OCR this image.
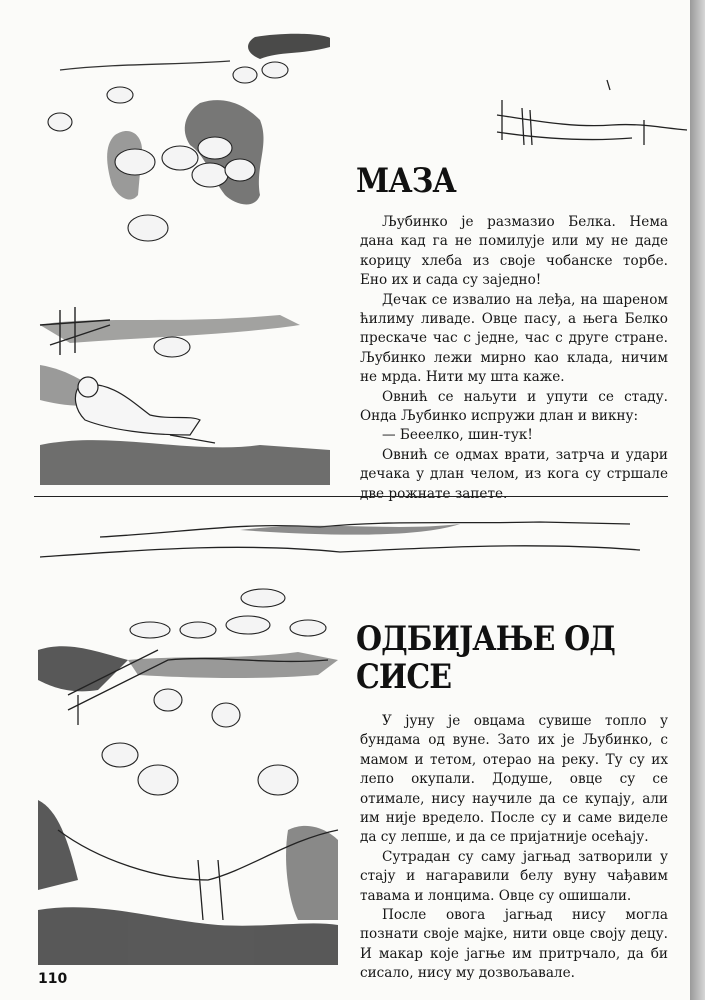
МАЗА

Љубинко је размазио Белка. Нема дана кад га не помилује или му не даде корицу хлеба из своје чобанске торбе. Ено их и сада су заједно!

Дечак се извалио на леђа, на шареном ћилиму ливаде. Овце пасу, а њега Белко прескаче час с једне, час с друге стране. Љубинко лежи мирно као клада, ничим не мрда. Нити му шта каже.

Овнић се наљути и упути се стаду. Онда Љубинко испружи длан и викну:

— Бееелко, шин-тук!

Овнић се одмах врати, затрча и удари дечака у длан челом, из кога су стршале две рожнате запете.

ОДБИЈАЊЕ ОД СИСЕ

У јуну је овцама сувише топло у бундама од вуне. Зато их је Љубинко, с мамом и тетом, отерао на реку. Ту су их лепо окупали. Додуше, овце су се отимале, нису научиле да се купају, али им није вредело. После су и саме виделе да су лепше, и да се пријатније осећају.

Сутрадан су саму јагњад затворили у стају и нагаравили белу вуну чађавим тавама и лонцима. Овце су ошишали.

После овога јагњад нису могла познати своје мајке, нити овце своју децу. И макар које јагње им притрчало, да би сисало, нису му дозвољавале.

110
